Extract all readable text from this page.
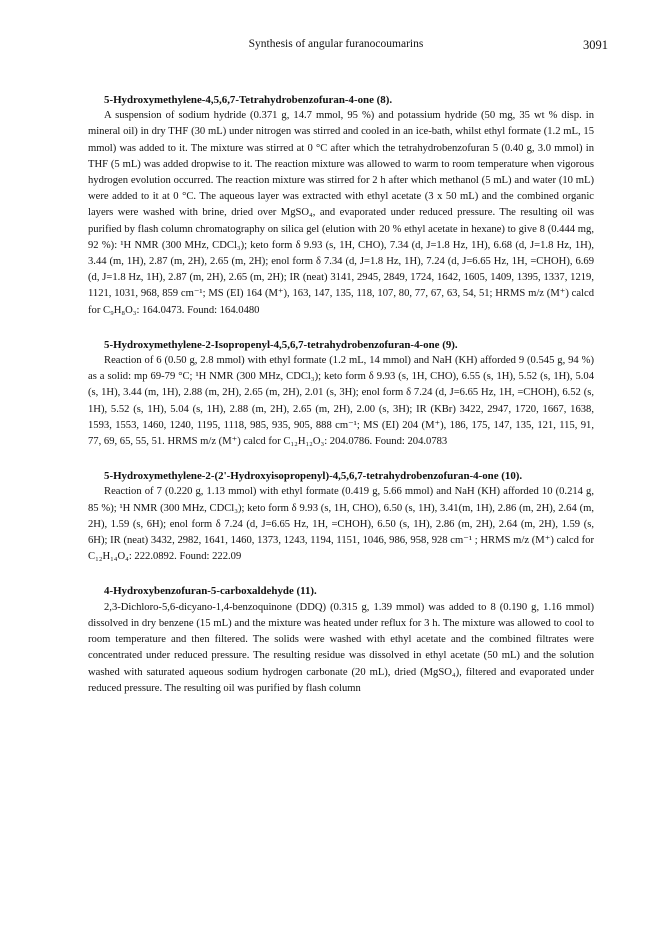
Synthesis of angular furanocoumarins	3091
5-Hydroxymethylene-4,5,6,7-Tetrahydrobenzofuran-4-one (8).

A suspension of sodium hydride (0.371 g, 14.7 mmol, 95 %) and potassium hydride (50 mg, 35 wt % disp. in mineral oil) in dry THF (30 mL) under nitrogen was stirred and cooled in an ice-bath, whilst ethyl formate (1.2 mL, 15 mmol) was added to it. The mixture was stirred at 0 °C after which the tetrahydrobenzofuran 5 (0.40 g, 3.0 mmol) in THF (5 mL) was added dropwise to it. The reaction mixture was allowed to warm to room temperature when vigorous hydrogen evolution occurred. The reaction mixture was stirred for 2 h after which methanol (5 mL) and water (10 mL) were added to it at 0 °C. The aqueous layer was extracted with ethyl acetate (3 x 50 mL) and the combined organic layers were washed with brine, dried over MgSO₄, and evaporated under reduced pressure. The resulting oil was purified by flash column chromatography on silica gel (elution with 20 % ethyl acetate in hexane) to give 8 (0.444 mg, 92 %): ¹H NMR (300 MHz, CDCl₃); keto form δ 9.93 (s, 1H, CHO), 7.34 (d, J=1.8 Hz, 1H), 6.68 (d, J=1.8 Hz, 1H), 3.44 (m, 1H), 2.87 (m, 2H), 2.65 (m, 2H); enol form δ 7.34 (d, J=1.8 Hz, 1H), 7.24 (d, J=6.65 Hz, 1H, =CHOH), 6.69 (d, J=1.8 Hz, 1H), 2.87 (m, 2H), 2.65 (m, 2H); IR (neat) 3141, 2945, 2849, 1724, 1642, 1605, 1409, 1395, 1337, 1219, 1121, 1031, 968, 859 cm⁻¹; MS (EI) 164 (M⁺), 163, 147, 135, 118, 107, 80, 77, 67, 63, 54, 51; HRMS m/z (M⁺) calcd for C₉H₈O₃: 164.0473. Found: 164.0480

5-Hydroxymethylene-2-Isopropenyl-4,5,6,7-tetrahydrobenzofuran-4-one (9).

Reaction of 6 (0.50 g, 2.8 mmol) with ethyl formate (1.2 mL, 14 mmol) and NaH (KH) afforded 9 (0.545 g, 94 %) as a solid: mp 69-79 °C; ¹H NMR (300 MHz, CDCl₃); keto form δ 9.93 (s, 1H, CHO), 6.55 (s, 1H), 5.52 (s, 1H), 5.04 (s, 1H), 3.44 (m, 1H), 2.88 (m, 2H), 2.65 (m, 2H), 2.01 (s, 3H); enol form δ 7.24 (d, J=6.65 Hz, 1H, =CHOH), 6.52 (s, 1H), 5.52 (s, 1H), 5.04 (s, 1H), 2.88 (m, 2H), 2.65 (m, 2H), 2.00 (s, 3H); IR (KBr) 3422, 2947, 1720, 1667, 1638, 1593, 1553, 1460, 1240, 1195, 1118, 985, 935, 905, 888 cm⁻¹; MS (EI) 204 (M⁺), 186, 175, 147, 135, 121, 115, 91, 77, 69, 65, 55, 51. HRMS m/z (M⁺) calcd for C₁₂H₁₂O₃: 204.0786. Found: 204.0783

5-Hydroxymethylene-2-(2'-Hydroxyisopropenyl)-4,5,6,7-tetrahydrobenzofuran-4-one (10).

Reaction of 7 (0.220 g, 1.13 mmol) with ethyl formate (0.419 g, 5.66 mmol) and NaH (KH) afforded 10 (0.214 g, 85 %); ¹H NMR (300 MHz, CDCl₃); keto form δ 9.93 (s, 1H, CHO), 6.50 (s, 1H), 3.41(m, 1H), 2.86 (m, 2H), 2.64 (m, 2H), 1.59 (s, 6H); enol form δ 7.24 (d, J=6.65 Hz, 1H, =CHOH), 6.50 (s, 1H), 2.86 (m, 2H), 2.64 (m, 2H), 1.59 (s, 6H); IR (neat) 3432, 2982, 1641, 1460, 1373, 1243, 1194, 1151, 1046, 986, 958, 928 cm⁻¹ ; HRMS m/z (M⁺) calcd for C₁₂H₁₄O₄: 222.0892. Found: 222.09

4-Hydroxybenzofuran-5-carboxaldehyde (11).

2,3-Dichloro-5,6-dicyano-1,4-benzoquinone (DDQ) (0.315 g, 1.39 mmol) was added to 8 (0.190 g, 1.16 mmol) dissolved in dry benzene (15 mL) and the mixture was heated under reflux for 3 h. The mixture was allowed to cool to room temperature and then filtered. The solids were washed with ethyl acetate and the combined filtrates were concentrated under reduced pressure. The resulting residue was dissolved in ethyl acetate (50 mL) and the solution washed with saturated aqueous sodium hydrogen carbonate (20 mL), dried (MgSO₄), filtered and evaporated under reduced pressure. The resulting oil was purified by flash column
